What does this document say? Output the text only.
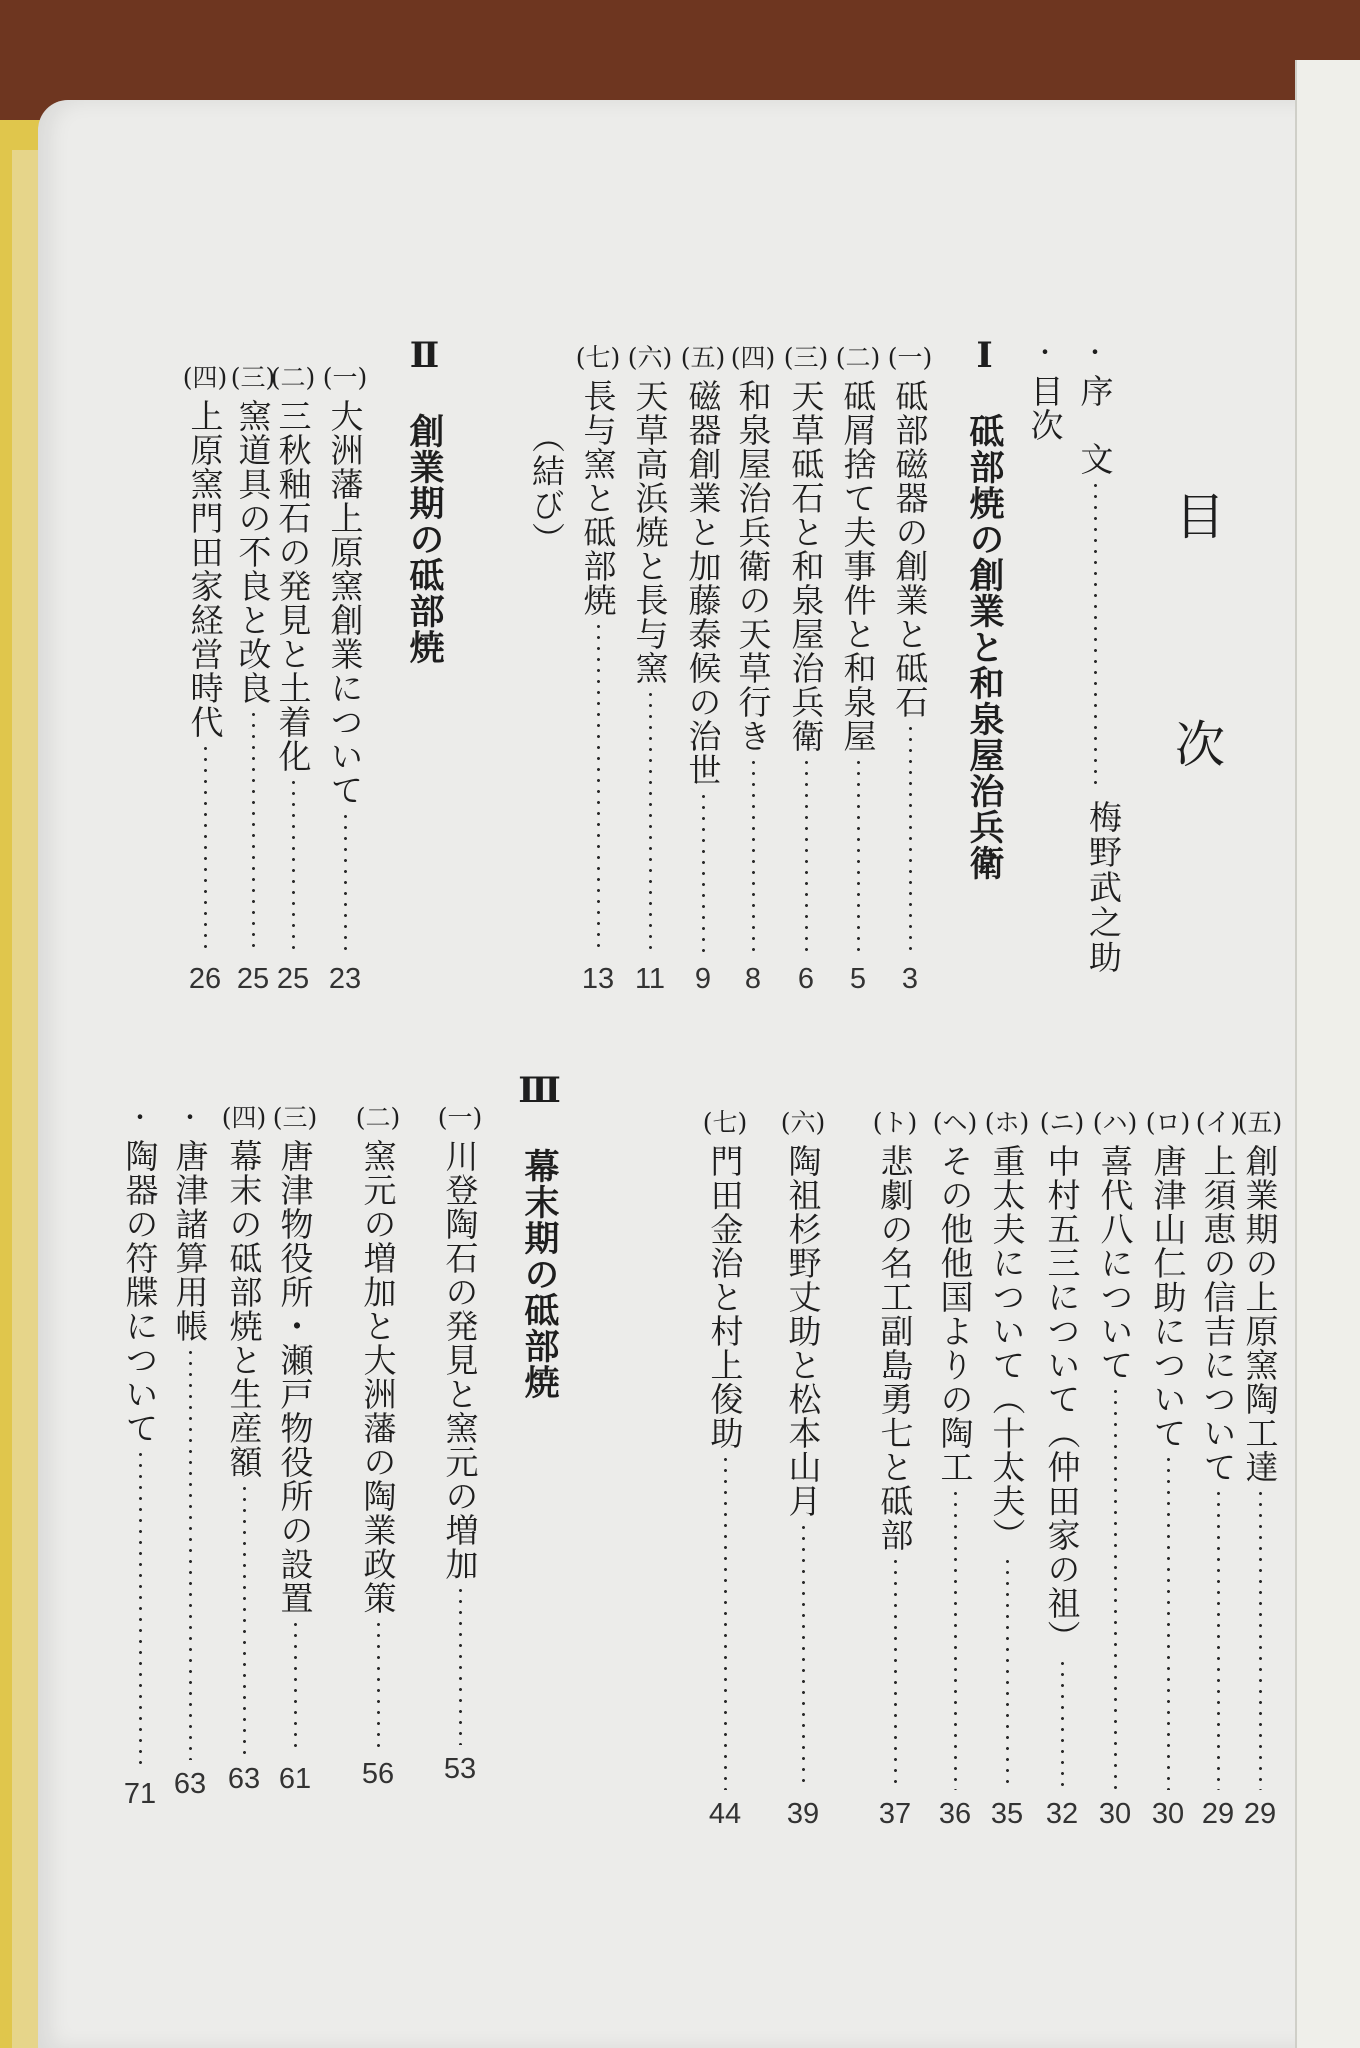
目　次
・
序　文
梅野武之助
・
目次
Ⅰ　砥部焼の創業と和泉屋治兵衛
(一)
砥部磁器の創業と砥石
3
(二)
砥屑捨て夫事件と和泉屋
5
(三)
天草砥石と和泉屋治兵衛
6
(四)
和泉屋治兵衛の天草行き
8
(五)
磁器創業と加藤泰候の治世
9
(六)
天草高浜焼と長与窯
11
(七)
長与窯と砥部焼
13
（結び）
Ⅱ　創業期の砥部焼
(一)
大洲藩上原窯創業について
23
(二)
三秋釉石の発見と土着化
25
(三)
窯道具の不良と改良
25
(四)
上原窯門田家経営時代
26
(五)
創業期の上原窯陶工達
29
(イ)
上須恵の信吉について
29
(ロ)
唐津山仁助について
30
(ハ)
喜代八について
30
(ニ)
中村五三について（仲田家の祖）
32
(ホ)
重太夫について（十太夫）
35
(ヘ)
その他他国よりの陶工
36
(ト)
悲劇の名工副島勇七と砥部
37
(六)
陶祖杉野丈助と松本山月
39
(七)
門田金治と村上俊助
44
Ⅲ　幕末期の砥部焼
(一)
川登陶石の発見と窯元の増加
53
(二)
窯元の増加と大洲藩の陶業政策
56
(三)
唐津物役所・瀬戸物役所の設置
61
(四)
幕末の砥部焼と生産額
63
・
唐津諸算用帳
63
・
陶器の符牒について
71
